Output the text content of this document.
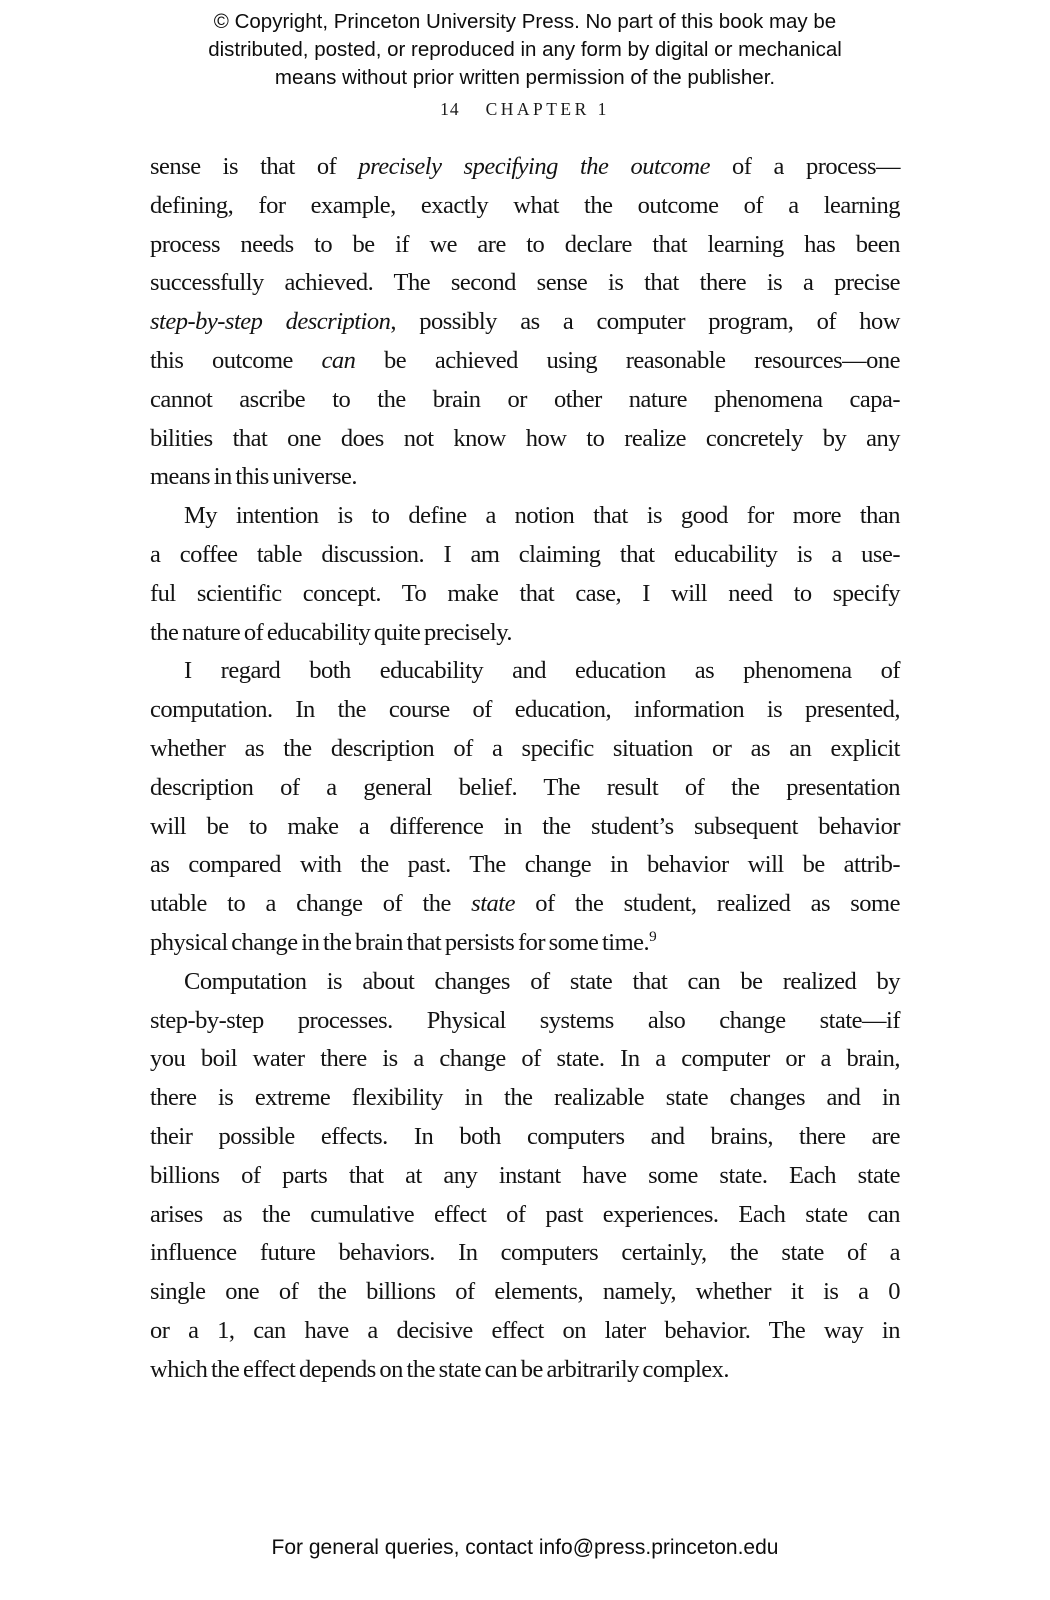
© Copyright, Princeton University Press. No part of this book may be
distributed, posted, or reproduced in any form by digital or mechanical
means without prior written permission of the publisher.
14 CHAPTER 1
sense is that of precisely specifying the outcome of a process—
defining, for example, exactly what the outcome of a learning
process needs to be if we are to declare that learning has been
successfully achieved. The second sense is that there is a precise
step-by-step description, possibly as a computer program, of how
this outcome can be achieved using reasonable resources—one
cannot ascribe to the brain or other nature phenomena capa-
bilities that one does not know how to realize concretely by any
means in this universe.
My intention is to define a notion that is good for more than
a coffee table discussion. I am claiming that educability is a use-
ful scientific concept. To make that case, I will need to specify
the nature of educability quite precisely.
I regard both educability and education as phenomena of
computation. In the course of education, information is presented,
whether as the description of a specific situation or as an explicit
description of a general belief. The result of the presentation
will be to make a difference in the student’s subsequent behavior
as compared with the past. The change in behavior will be attrib-
utable to a change of the state of the student, realized as some
physical change in the brain that persists for some time.$^9$
Computation is about changes of state that can be realized by
step-by-step processes. Physical systems also change state—if
you boil water there is a change of state. In a computer or a brain,
there is extreme flexibility in the realizable state changes and in
their possible effects. In both computers and brains, there are
billions of parts that at any instant have some state. Each state
arises as the cumulative effect of past experiences. Each state can
influence future behaviors. In computers certainly, the state of a
single one of the billions of elements, namely, whether it is a 0
or a 1, can have a decisive effect on later behavior. The way in
which the effect depends on the state can be arbitrarily complex.
For general queries, contact info@press.princeton.edu
